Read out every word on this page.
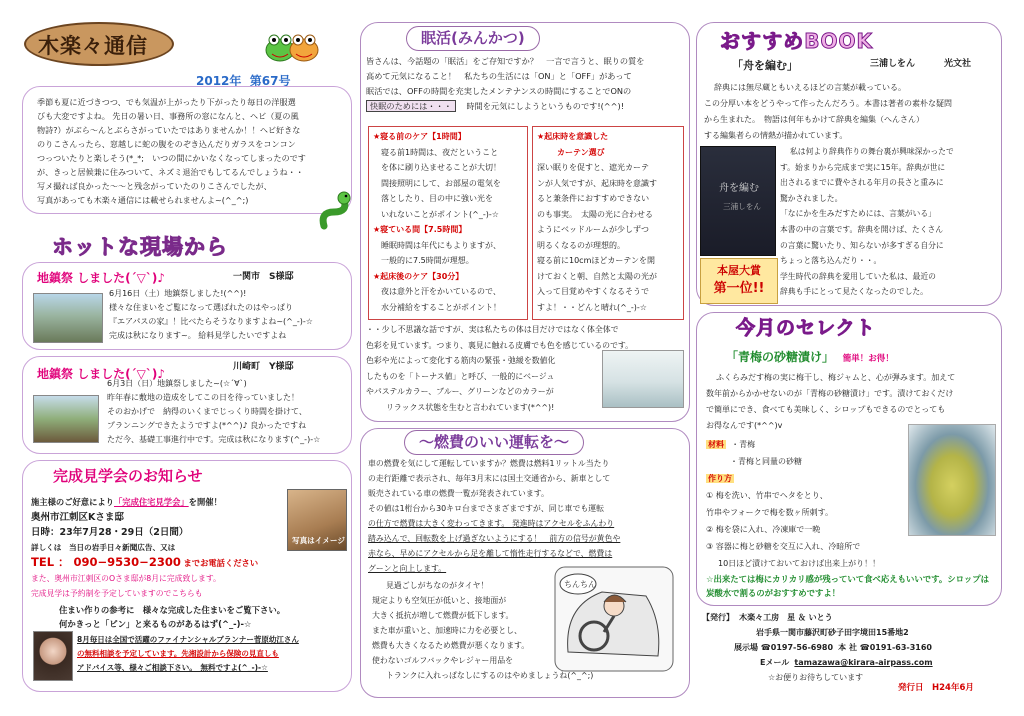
木楽々通信
2012年 第67号

季節も夏に近づきつつ、でも気温が上がったり下がったり毎日の洋服選

びも大変ですよね。 先日の暑い日、事務所の窓になんと、ヘビ（夏の風

物詩?）がぶら〜んとぶらさがっていたではありませんか！！ヘビ好きな

のりこさんったら、窓越しに蛇の腹をのぞき込んだりガラスをコンコン

つっついたりと楽しそう(*_*;　いつの間にかいなくなってしまったのです

が、きっと居候兼に住みついて、ネズミ退治でもしてるんでしょうね・・

写メ撮れば良かった〜〜と残念がっていたのりこさんでしたが、

写真があっても木楽々通信には載せられませんよ~(^_^;)

ホットな現場から
地鎮祭 しました(´▽`)♪	一関市　S様邸

6月16日（土）地鎮祭しました!(^^)!

様々な住まいをご覧になって選ばれたのはやっぱり

『エアパスの家』！比べたらそうなりますよね~(^_-)-☆

完成は秋になります~。 給料見学したいですよね

地鎮祭 しました(´▽`)♪	川崎町　Y様邸

6月3日（日）地鎮祭しました~(☆´∀`)

昨年春に敷地の造成をしてこの日を待っていました！

そのおかげで　納得のいくまでじっくり時間を掛けて、

プランニングできたようですよ(*^^)♪ 良かったですね

ただ今、基礎工事進行中です。完成は秋になります(^_-)-☆

完成見学会のお知らせ

施主様のご好意により「完成住宅見学会」を開催！

奥州市江刺区Kさま邸

日時：23年7月28・29日（2日間）

詳しくは　当日の岩手日々新聞広告、又は

TEL ： 090−9530−2300 までお電話ください

また、奥州市江刺区のOさま邸が8月に完成致します。

完成見学は予約制を予定していますのでこちらも

写真はイメージ

住まい作りの参考に　様々な完成した住まいをご覧下さい。

何かきっと「ピン」と来るものがあるはず(^_-)-☆

8月毎日は全国で活躍のファイナンシャルプランナー菅原幼江さん

の無料相談を予定しています。先湘設計から保険の見直しも

アドバイス等、様々ご相談下さい。　無料ですよ(^_-)-☆

眠活(みんかつ)

皆さんは、今話題の「眠活」をご存知ですか？　一言で言うと、眠りの質を

高めて元気になること！　私たちの生活には「ON」と「OFF」があって

眠活では、OFFの時間を充実したメンテナンスの時間にすることでONの

快眠のためには・・・ 時間を元気にしようというものです!(^^)!

★寝る前のケア【1時間】

寝る前1時間は、夜だということ

を体に刷り込ませることが大切！

間接照明にして、お部屋の電気を

落としたり、目の中に強い光を

いれないことがポイント(^_-)-☆

★寝ている間【7.5時間】

睡眠時間は年代にもよりますが、

一般的に7.5時間が理想。

★起床後のケア【30分】

夜は意外と汗をかいているので、

水分補給をすることがポイント！

★起床時を意識した

カーテン選び

深い眠りを促すと、遮光カーテ

ンが人気ですが、起床時を意識す

ると兼条件におすすめできない

のも事実。　太陽の光に合わせる

ようにベッドルームが少しずつ

明るくなるのが理想的。

寝る前に10cmほどカーテンを開

けておくと朝、自然と太陽の光が

入って目覚めやすくなるそうで

すよ！・・どんと晴れ(^_-)-☆

・・少し不思議な話ですが、実は私たちの体は目だけではなく体全体で

色彩を見ています。つまり、裏見に触れる皮膚でも色を感じているのです。

色彩や光によって変化する筋肉の緊張・弛緩を数値化

したものを「トーナス値」と呼び、一般的にベージュ

やパステルカラー、ブルー、グリーンなどのカラーが

リラックス状態を生むと言われています(*^^)!

〜燃費のいい運転を〜

車の燃費を気にして運転していますか？燃費は燃料1リットル当たり

の走行距離で表示され、毎年3月末には国土交通省から、新車として

販売されている車の燃費一覧が発表されています。

その値は1桁台から30キロ台までさまざまですが、同じ車でも運転

の仕方で燃費は大きく変わってきます。 発進時はアクセルをふんわり

踏み込んで、回転数を上げ過ぎないようにする！　前方の信号が黄色や

赤なら、早めにアクセルから足を離して惰性走行するなどで、燃費は

グーンと向上します。

見過ごしがちなのがタイヤ！

規定よりも空気圧が低いと、接地面が

大きく抵抗が増して燃費が低下します。

また車が重いと、加速時に力を必要とし、

燃費も大きくなるため燃費が悪くなります。

使わないゴルフバックやレジャー用品を

トランクに入れっぱなしにするのはやめましょうね(^_^;)

ちんちん
おすすめBOOK
「舟を編む」	三浦しをん	光文社

辞典には無尽蔵ともいえるほどの言葉が載っている。

この分厚い本をどうやって作ったんだろう。本書は著者の素朴な疑問

から生まれた。　物語は何年もかけて辞典を編集（へんさん）

する編集者らの情熱が描かれています。

舟を編む
三浦しをん

本屋大賞

第一位!!

私は何より辞典作りの舞台裏が興味深かったで

す。始まりから完成まで実に15年。辞典が世に

出されるまでに費やされる年月の長さと重みに

驚かされました。

「なにかを生みだすためには、言葉がいる」

本書の中の言葉です。辞典を開けば、たくさん

の言葉に驚いたり、知らないが多すぎる自分に

ちょっと落ち込んだり・・。

学生時代の辞典を愛用していた私は、最近の

辞典も手にとって見たくなったのでした。

今月のセレクト
「青梅の砂糖漬け」 簡単！お得！

ふくらみだす梅の実に梅干し、梅ジャムと、心が弾みます。加えて

数年前からかかせないのが「青梅の砂糖漬け」です。漬けておくだけ

で簡単にでき、食べても美味しく、シロップもできるのでとっても

お得なんです(*^^)v

材料 ・青梅

・青梅と同量の砂糖

作り方

① 梅を洗い、竹串でヘタをとり、

竹串やフォークで梅を数ヶ所刺す。

② 梅を袋に入れ、冷凍庫で一晩

③ 容器に梅と砂糖を交互に入れ、冷暗所で

10日ほど漬けておいておけば出来上がり！！

☆出来たては梅にカリカリ感が残っていて食べ応えもいいです。シロップは炭酸水で割るのがおすすめですよ！

【発行】 木楽々工房　星 ＆ いとう

岩手県一関市藤沢町砂子田字境田15番地2

展示場 ☎0197-56-6980 本 社 ☎0191-63-3160

Eメール tamazawa@kirara-airpass.com

☆お便りお待ちしています

発行日　H24年6月
